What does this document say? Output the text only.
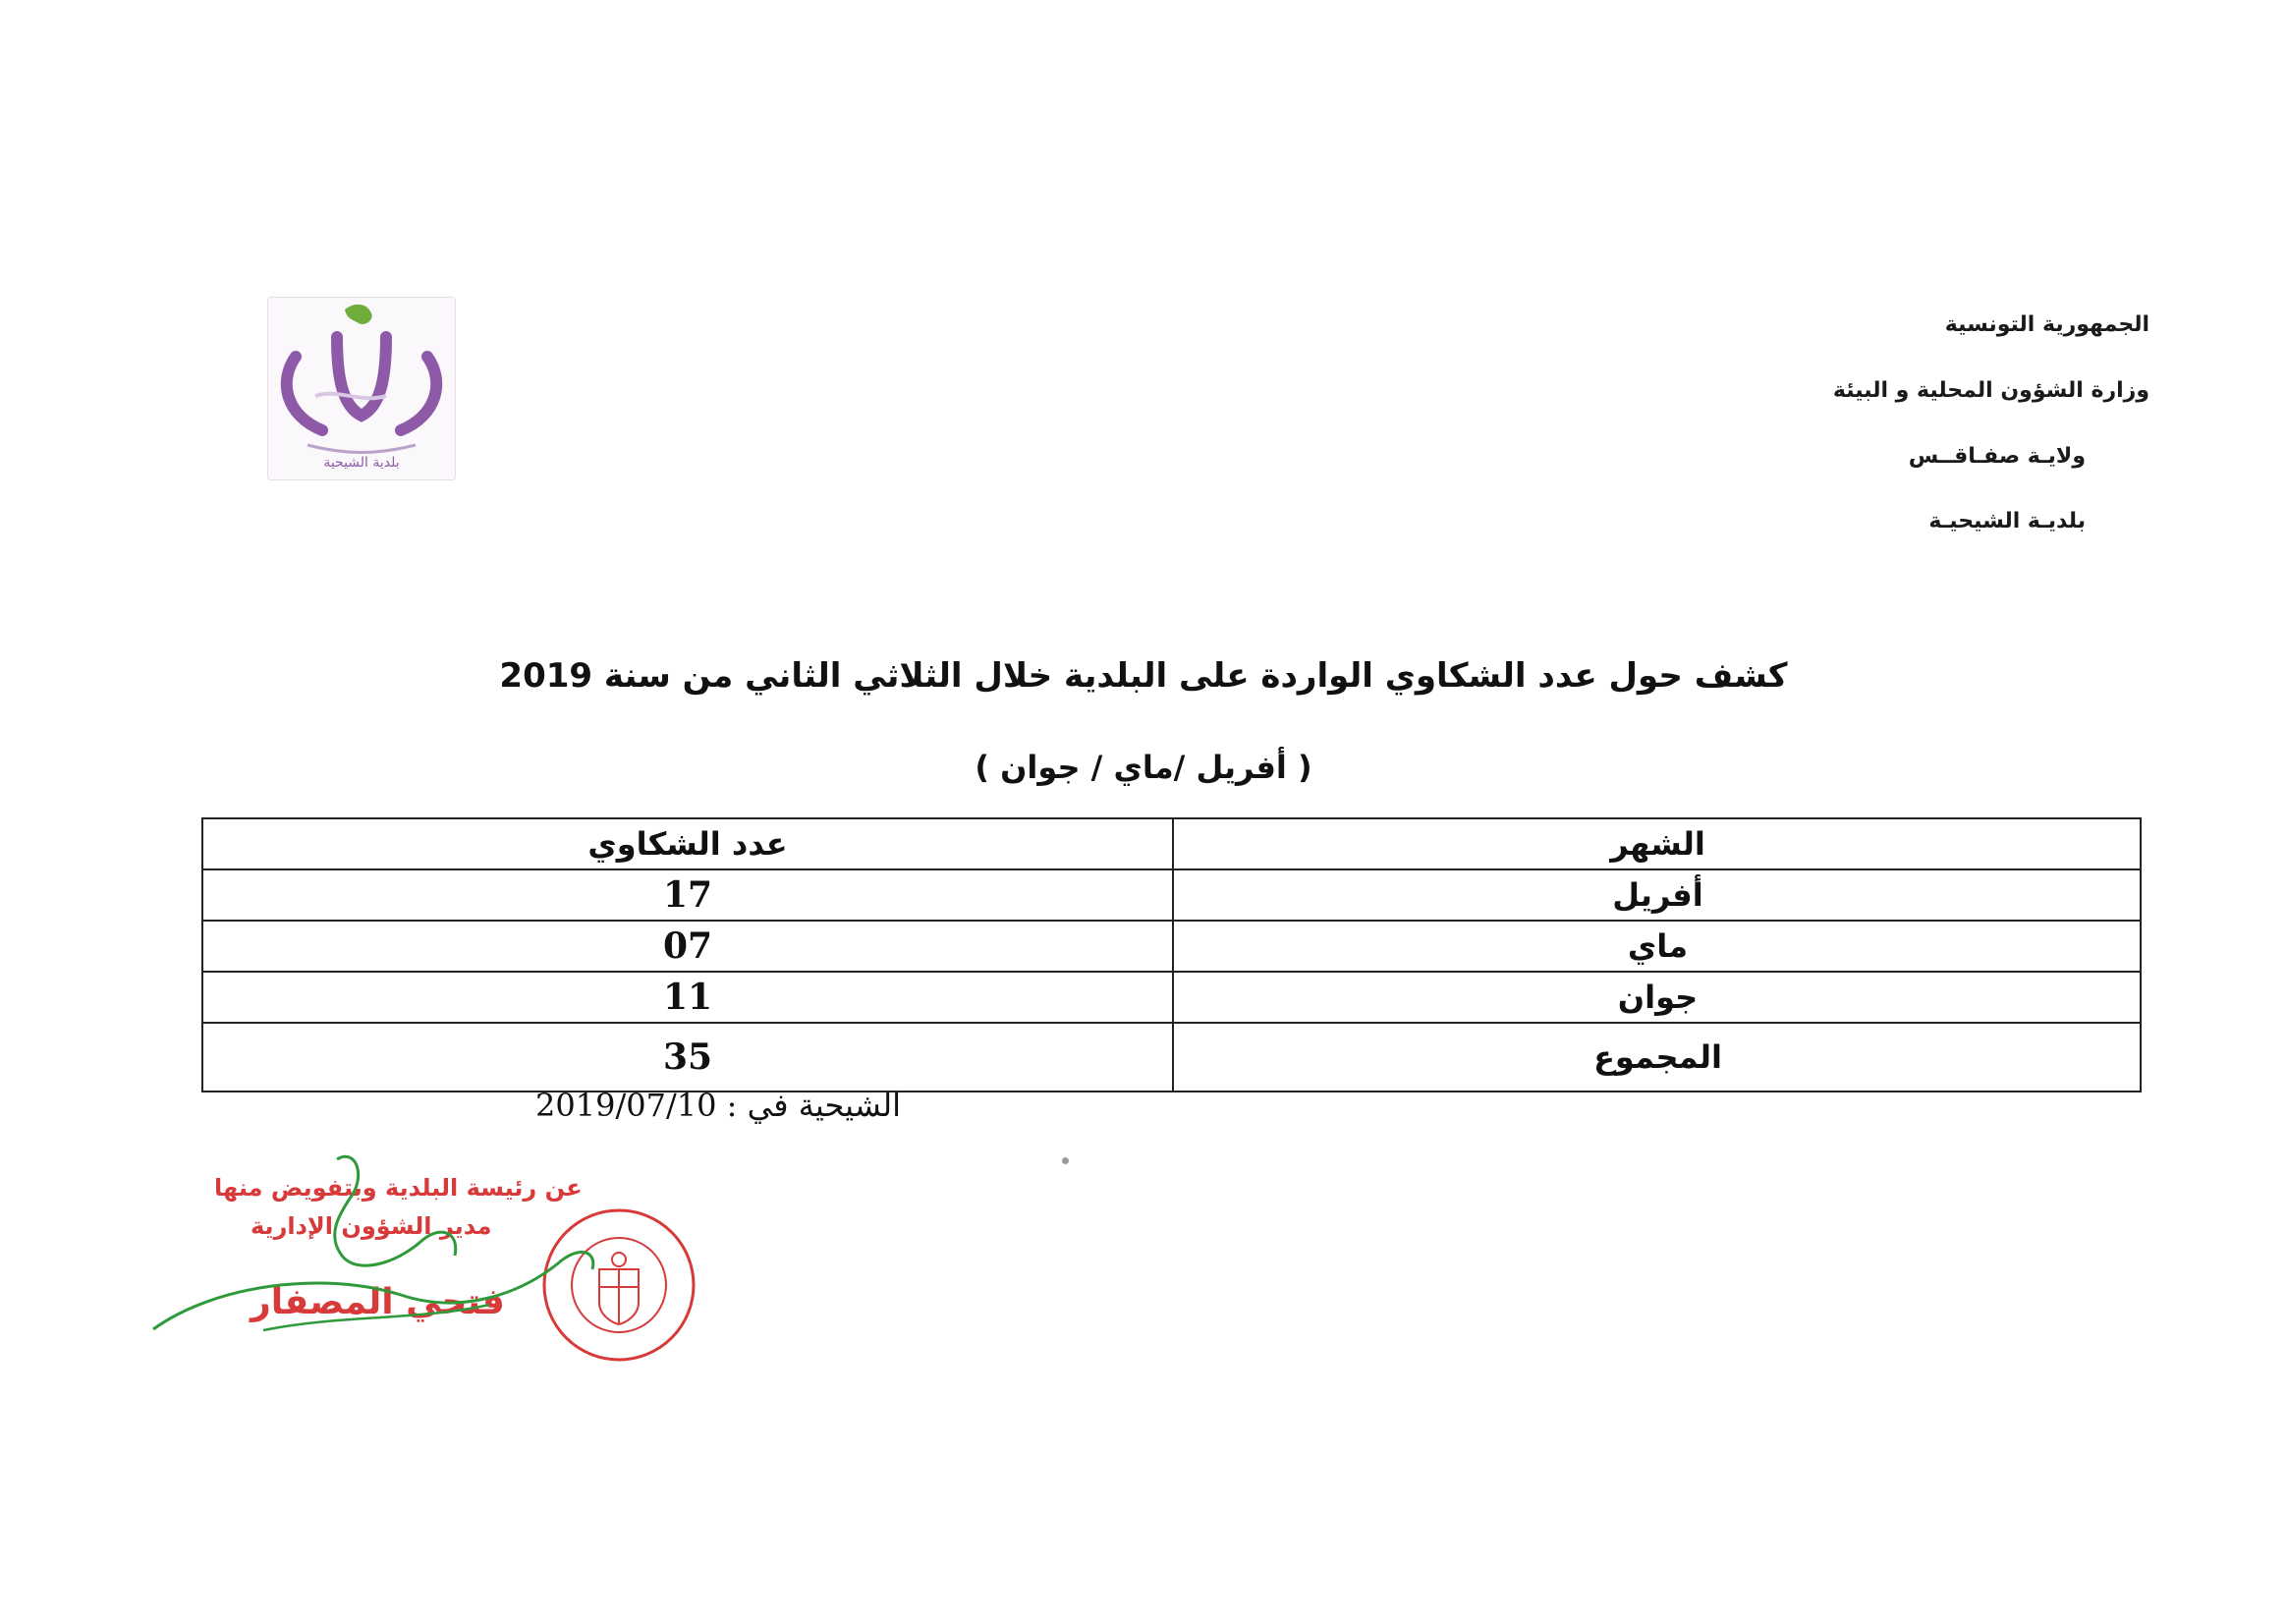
الجمهورية التونسية
وزارة الشؤون المحلية و البيئة
ولايـة صفـاقــس
بلديـة الشيحيـة
بلدية الشيحية
كشف حول عدد الشكاوي الواردة على البلدية خلال الثلاثي الثاني من سنة 2019
( أفريل /ماي / جوان )
الشهر
عدد الشكاوي
أفريل
17
ماي
07
جوان
11
المجموع
35
الشيحية في : 2019/07/10
عن رئيسة البلدية وبتفويض منها
مدير الشؤون الإدارية
فتحي المصفار
